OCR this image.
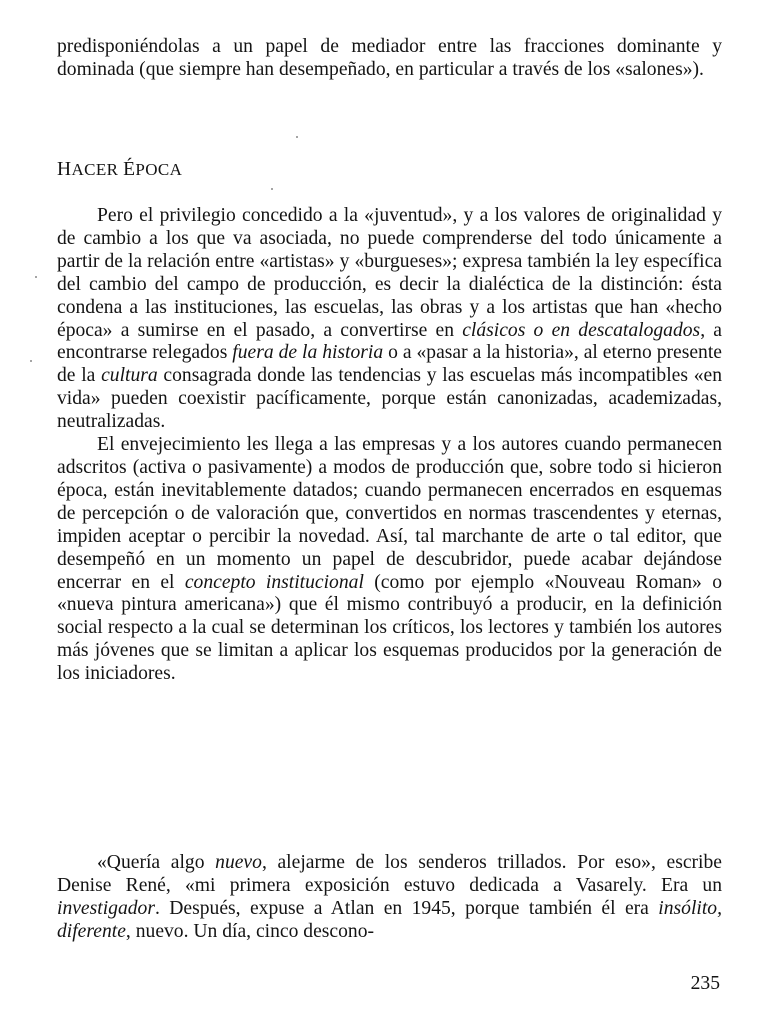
predisponiéndolas a un papel de mediador entre las fracciones dominante y dominada (que siempre han desempeñado, en particular a través de los «salones»).

HACER ÉPOCA

Pero el privilegio concedido a la «juventud», y a los valores de originalidad y de cambio a los que va asociada, no puede comprenderse del todo únicamente a partir de la relación entre «artistas» y «burgueses»; expresa también la ley específica del cambio del campo de producción, es decir la dialéctica de la distinción: ésta condena a las instituciones, las escuelas, las obras y a los artistas que han «hecho época» a sumirse en el pasado, a convertirse en clásicos o en descatalogados, a encontrarse relegados fuera de la historia o a «pasar a la historia», al eterno presente de la cultura consagrada donde las tendencias y las escuelas más incompatibles «en vida» pueden coexistir pacíficamente, porque están canonizadas, academizadas, neutralizadas.

El envejecimiento les llega a las empresas y a los autores cuando permanecen adscritos (activa o pasivamente) a modos de producción que, sobre todo si hicieron época, están inevitablemente datados; cuando permanecen encerrados en esquemas de percepción o de valoración que, convertidos en normas trascendentes y eternas, impiden aceptar o percibir la novedad. Así, tal marchante de arte o tal editor, que desempeñó en un momento un papel de descubridor, puede acabar dejándose encerrar en el concepto institucional (como por ejemplo «Nouveau Roman» o «nueva pintura americana») que él mismo contribuyó a producir, en la definición social respecto a la cual se determinan los críticos, los lectores y también los autores más jóvenes que se limitan a aplicar los esquemas producidos por la generación de los iniciadores.

«Quería algo nuevo, alejarme de los senderos trillados. Por eso», escribe Denise René, «mi primera exposición estuvo dedicada a Vasarely. Era un investigador. Después, expuse a Atlan en 1945, porque también él era insólito, diferente, nuevo. Un día, cinco descono-

235
